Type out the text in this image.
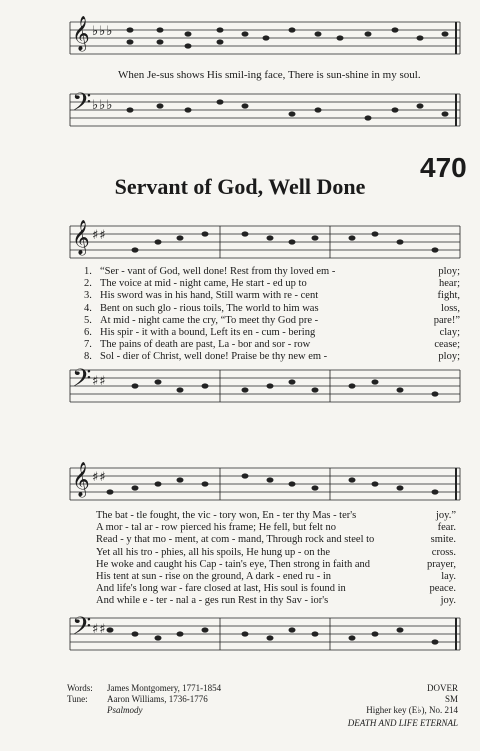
𝄞 ♭♭♭
When Je-sus shows His smil-ing face, There is sun-shine in my soul.
𝄢 ♭♭♭
470
Servant of God, Well Done
𝄞 ♯♯
1. “Ser - vant of God, well done! Rest from thy loved em -	ploy;
2. The voice at mid - night came, He start - ed up to	hear;
3. His sword was in his hand, Still warm with re - cent	fight,
4. Bent on such glo - rious toils, The world to him was	loss,
5. At mid - night came the cry, “To meet thy God pre -	pare!”
6. His spir - it with a bound, Left its en - cum - bering	clay;
7. The pains of death are past, La - bor and sor - row	cease;
8. Sol - dier of Christ, well done! Praise be thy new em -	ploy;
𝄢 ♯♯
𝄞 ♯♯
The bat - tle fought, the vic - tory won, En - ter thy Mas - ter's	joy.”
A mor - tal ar - row pierced his frame; He fell, but felt no	fear.
Read - y that mo - ment, at com - mand, Through rock and steel to	smite.
Yet all his tro - phies, all his spoils, He hung up - on the	cross.
He woke and caught his Cap - tain's eye, Then strong in faith and	prayer,
His tent at sun - rise on the ground, A dark - ened ru - in	lay.
And life's long war - fare closed at last, His soul is found in	peace.
And while e - ter - nal a - ges run Rest in thy Sav - ior's	joy.
𝄢 ♯♯
Words:	James Montgomery, 1771-1854
Tune:	Aaron Williams, 1736-1776
Psalmody
DOVER
SM
Higher key (E♭), No. 214
DEATH AND LIFE ETERNAL
